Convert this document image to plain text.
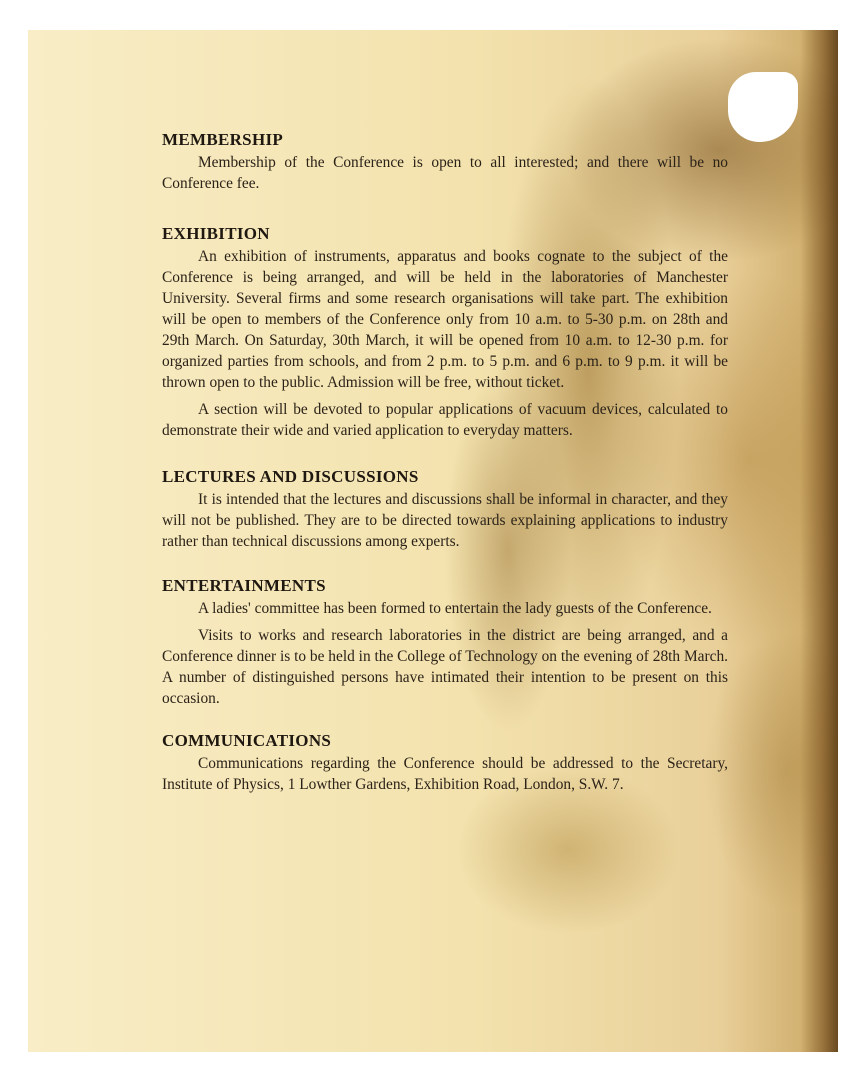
MEMBERSHIP

Membership of the Conference is open to all interested; and there will be no Conference fee.

EXHIBITION

An exhibition of instruments, apparatus and books cognate to the subject of the Conference is being arranged, and will be held in the laboratories of Manchester University. Several firms and some research organisations will take part. The exhibition will be open to members of the Conference only from 10 a.m. to 5-30 p.m. on 28th and 29th March. On Saturday, 30th March, it will be opened from 10 a.m. to 12-30 p.m. for organized parties from schools, and from 2 p.m. to 5 p.m. and 6 p.m. to 9 p.m. it will be thrown open to the public. Admission will be free, without ticket.

A section will be devoted to popular applications of vacuum devices, calculated to demonstrate their wide and varied application to everyday matters.

LECTURES AND DISCUSSIONS

It is intended that the lectures and discussions shall be informal in character, and they will not be published. They are to be directed towards explaining applications to industry rather than technical discussions among experts.

ENTERTAINMENTS

A ladies' committee has been formed to entertain the lady guests of the Conference.

Visits to works and research laboratories in the district are being arranged, and a Conference dinner is to be held in the College of Technology on the evening of 28th March. A number of distinguished persons have intimated their intention to be present on this occasion.

COMMUNICATIONS

Communications regarding the Conference should be addressed to the Secretary, Institute of Physics, 1 Lowther Gardens, Exhibition Road, London, S.W. 7.
